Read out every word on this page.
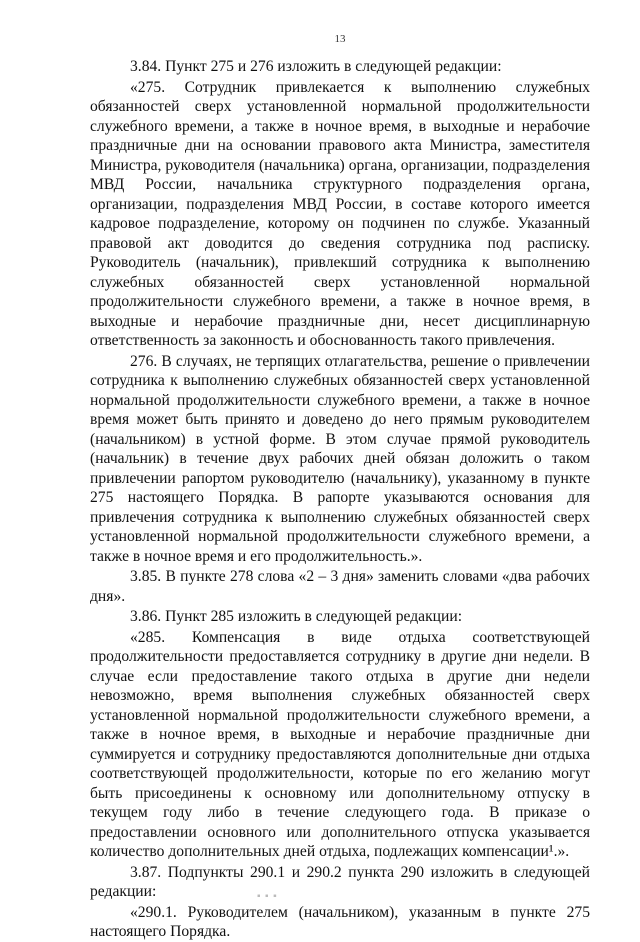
13

3.84. Пункт 275 и 276 изложить в следующей редакции:

«275. Сотрудник привлекается к выполнению служебных обязанностей сверх установленной нормальной продолжительности служебного времени, а также в ночное время, в выходные и нерабочие праздничные дни на основании правового акта Министра, заместителя Министра, руководителя (начальника) органа, организации, подразделения МВД России, начальника структурного подразделения органа, организации, подразделения МВД России, в составе которого имеется кадровое подразделение, которому он подчинен по службе. Указанный правовой акт доводится до сведения сотрудника под расписку. Руководитель (начальник), привлекший сотрудника к выполнению служебных обязанностей сверх установленной нормальной продолжительности служебного времени, а также в ночное время, в выходные и нерабочие праздничные дни, несет дисциплинарную ответственность за законность и обоснованность такого привлечения.

276. В случаях, не терпящих отлагательства, решение о привлечении сотрудника к выполнению служебных обязанностей сверх установленной нормальной продолжительности служебного времени, а также в ночное время может быть принято и доведено до него прямым руководителем (начальником) в устной форме. В этом случае прямой руководитель (начальник) в течение двух рабочих дней обязан доложить о таком привлечении рапортом руководителю (начальнику), указанному в пункте 275 настоящего Порядка. В рапорте указываются основания для привлечения сотрудника к выполнению служебных обязанностей сверх установленной нормальной продолжительности служебного времени, а также в ночное время и его продолжительность.».

3.85. В пункте 278 слова «2 – 3 дня» заменить словами «два рабочих дня».

3.86. Пункт 285 изложить в следующей редакции:

«285. Компенсация в виде отдыха соответствующей продолжительности предоставляется сотруднику в другие дни недели. В случае если предоставление такого отдыха в другие дни недели невозможно, время выполнения служебных обязанностей сверх установленной нормальной продолжительности служебного времени, а также в ночное время, в выходные и нерабочие праздничные дни суммируется и сотруднику предоставляются дополнительные дни отдыха соответствующей продолжительности, которые по его желанию могут быть присоединены к основному или дополнительному отпуску в текущем году либо в течение следующего года. В приказе о предоставлении основного или дополнительного отпуска указывается количество дополнительных дней отдыха, подлежащих компенсации¹.».

3.87. Подпункты 290.1 и 290.2 пункта 290 изложить в следующей редакции:

«290.1. Руководителем (начальником), указанным в пункте 275 настоящего Порядка.

▪ ▪ ▪
